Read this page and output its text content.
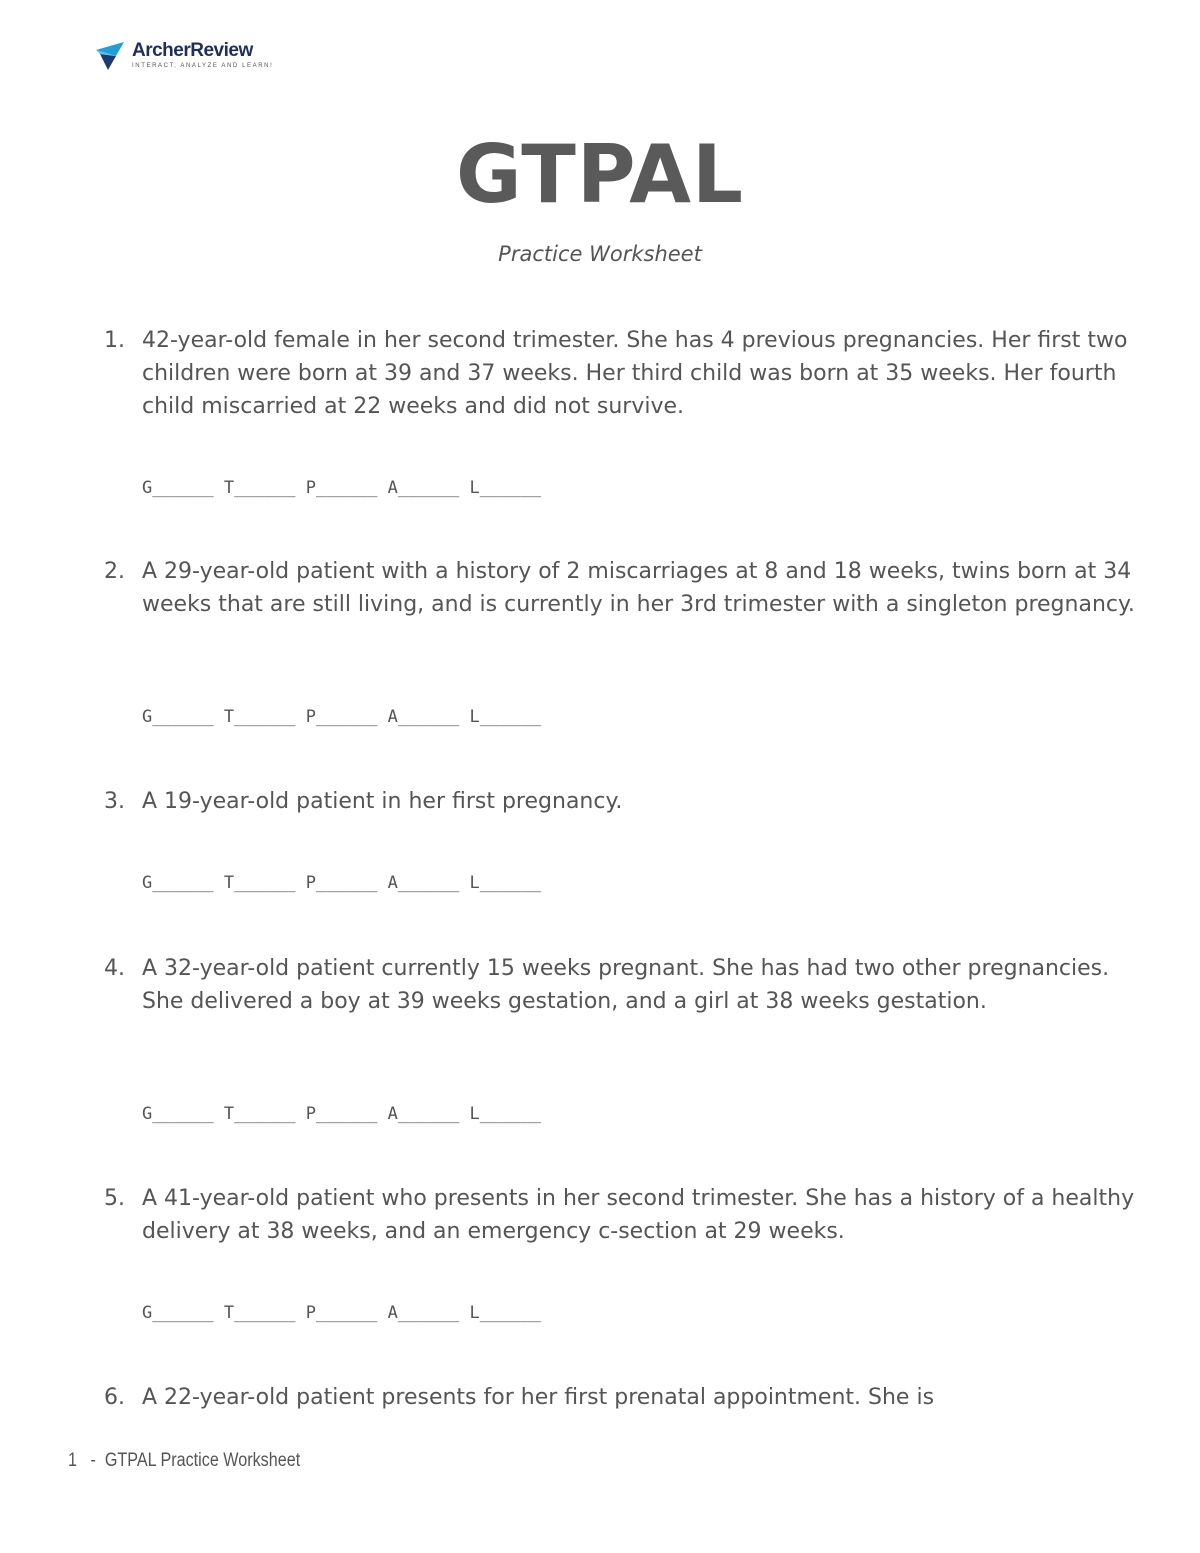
ArcherReview
INTERACT, ANALYZE AND LEARN!
GTPAL
Practice Worksheet
1. 42-year-old female in her second trimester. She has 4 previous pregnancies. Her first two children were born at 39 and 37 weeks. Her third child was born at 35 weeks. Her fourth child miscarried at 22 weeks and did not survive.
G______ T______ P______ A______ L______
2. A 29-year-old patient with a history of 2 miscarriages at 8 and 18 weeks, twins born at 34 weeks that are still living, and is currently in her 3rd trimester with a singleton pregnancy.
G______ T______ P______ A______ L______
3. A 19-year-old patient in her first pregnancy.
G______ T______ P______ A______ L______
4. A 32-year-old patient currently 15 weeks pregnant. She has had two other pregnancies. She delivered a boy at 39 weeks gestation, and a girl at 38 weeks gestation.
G______ T______ P______ A______ L______
5. A 41-year-old patient who presents in her second trimester. She has a history of a healthy delivery at 38 weeks, and an emergency c-section at 29 weeks.
G______ T______ P______ A______ L______
6. A 22-year-old patient presents for her first prenatal appointment. She is
1 - GTPAL Practice Worksheet
